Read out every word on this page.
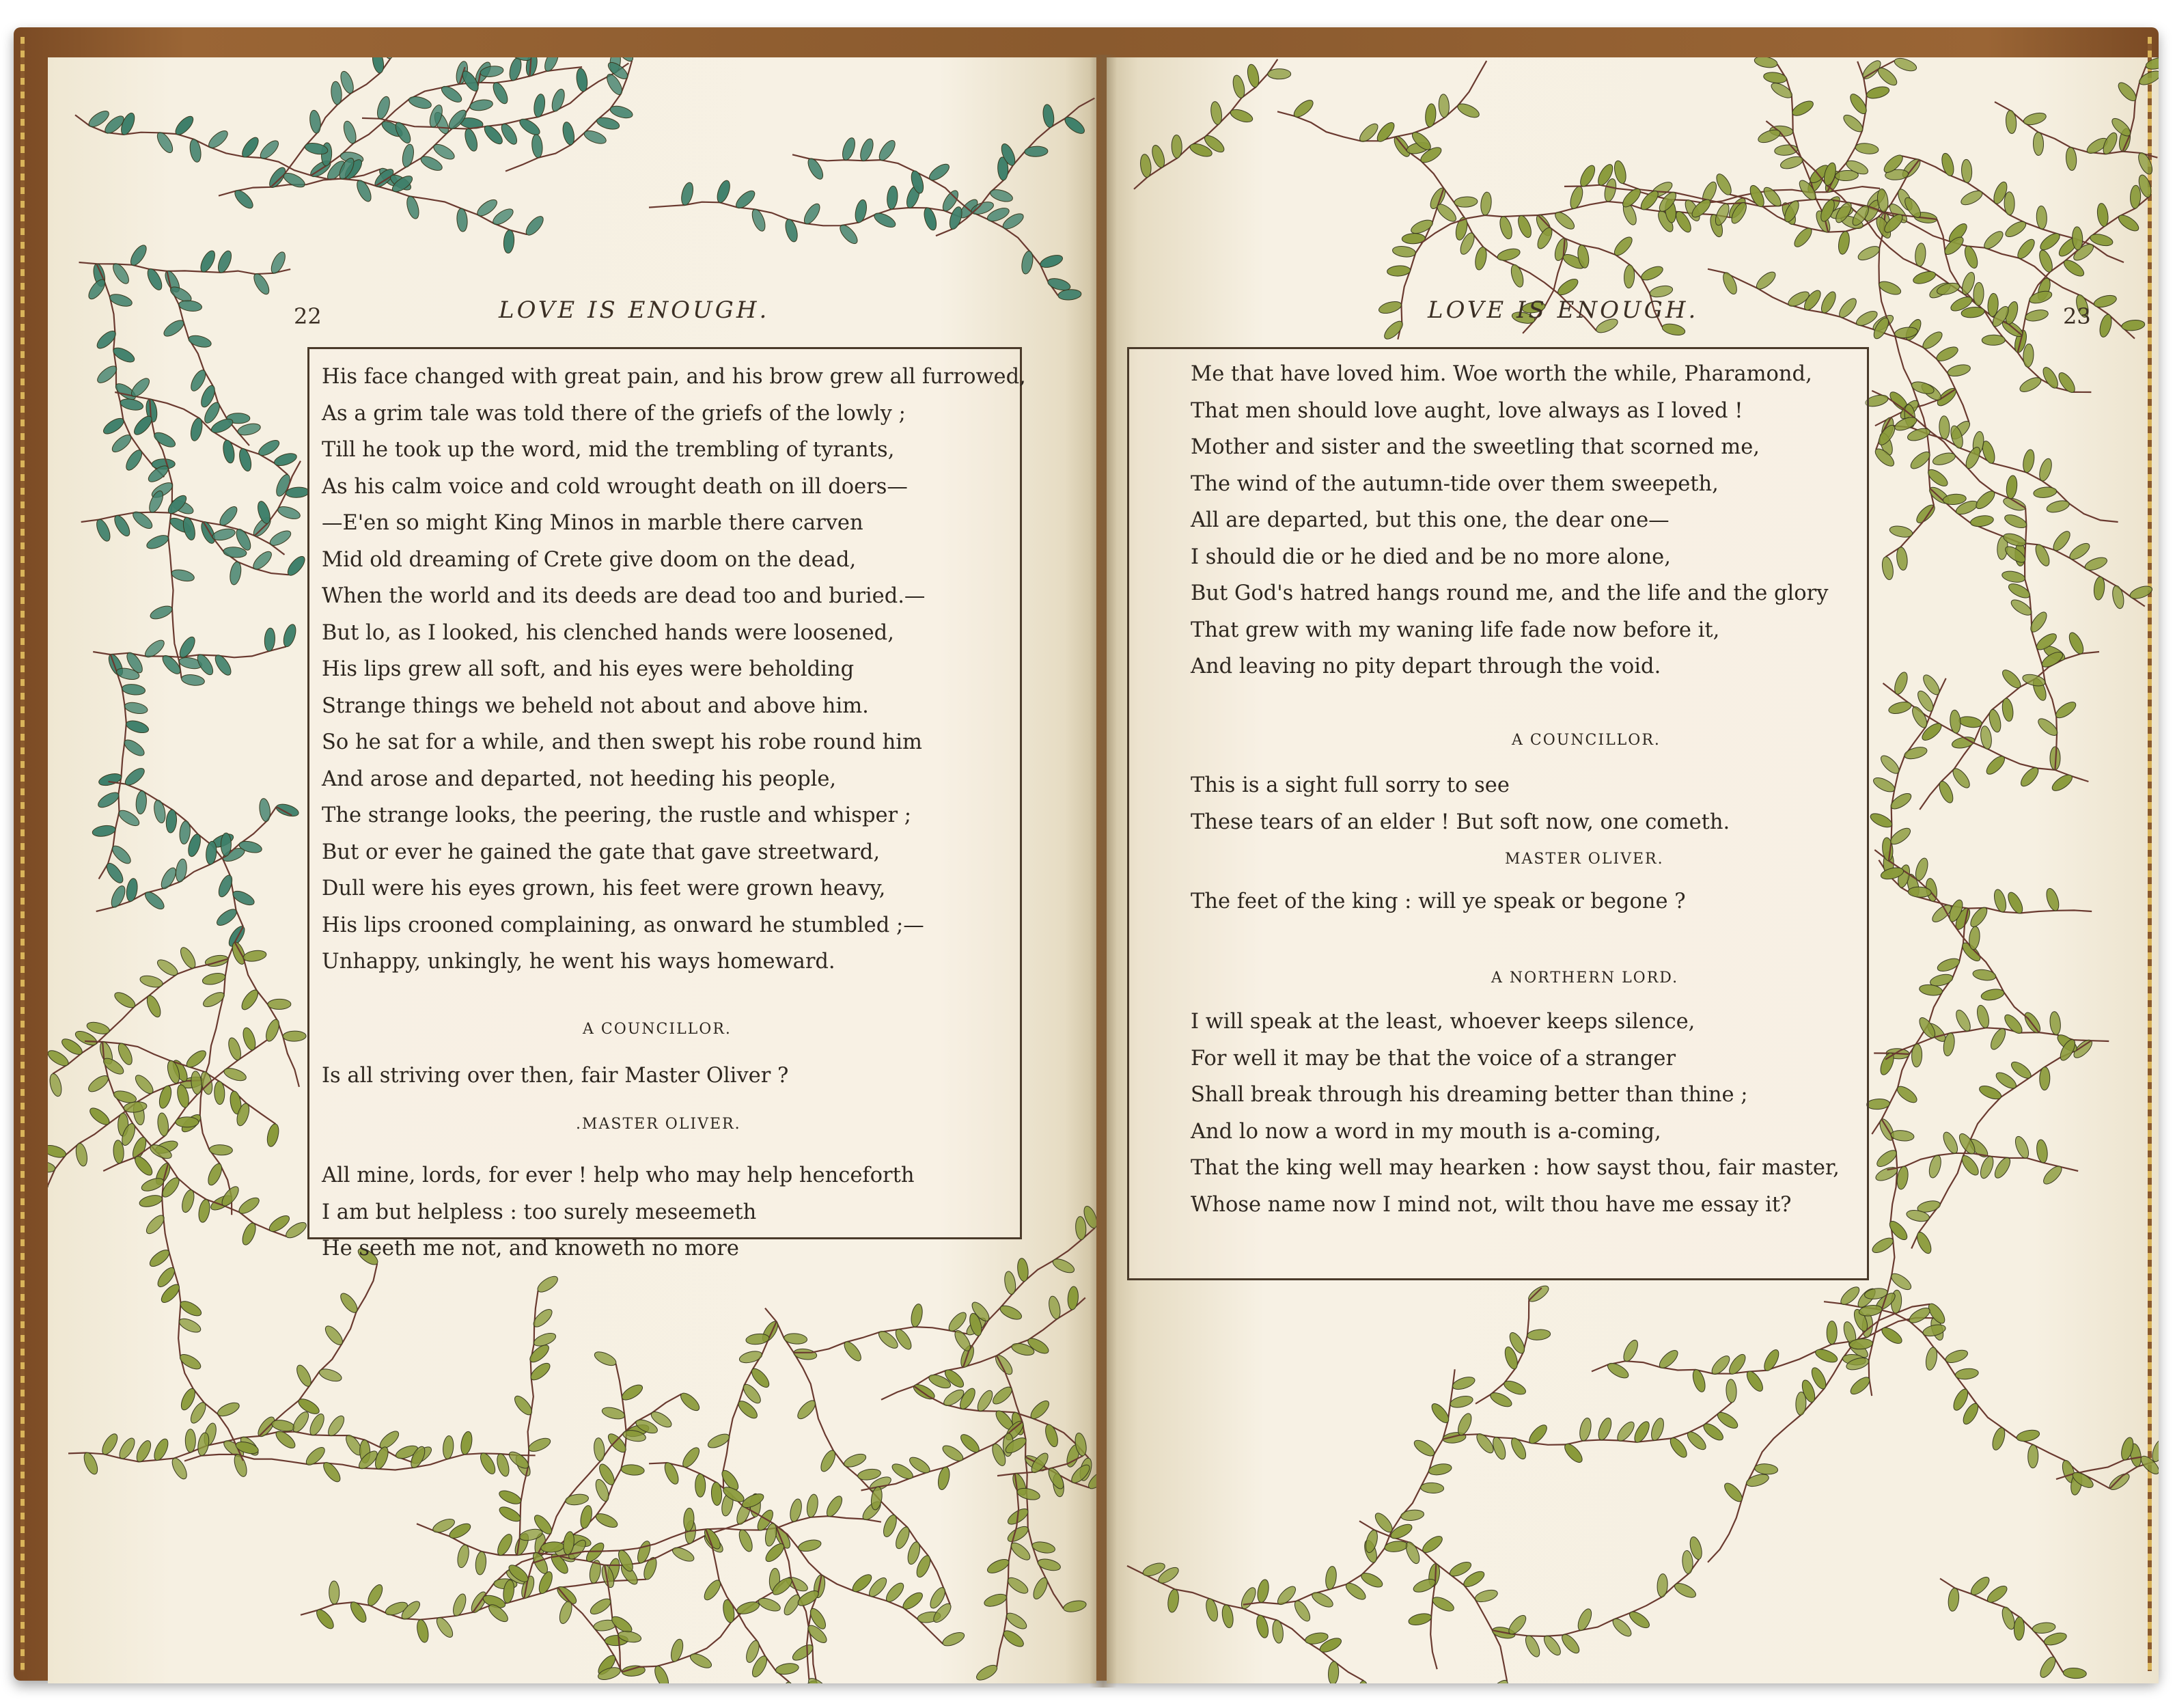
22	LOVE IS ENOUGH.
His face changed with great pain, and his brow grew all furrowed,
As a grim tale was told there of the griefs of the lowly ;
Till he took up the word, mid the trembling of tyrants,
As his calm voice and cold wrought death on ill doers—
—E'en so might King Minos in marble there carven
Mid old dreaming of Crete give doom on the dead,
When the world and its deeds are dead too and buried.—
But lo, as I looked, his clenched hands were loosened,
His lips grew all soft, and his eyes were beholding
Strange things we beheld not about and above him.
So he sat for a while, and then swept his robe round him
And arose and departed, not heeding his people,
The strange looks, the peering, the rustle and whisper ;
But or ever he gained the gate that gave streetward,
Dull were his eyes grown, his feet were grown heavy,
His lips crooned complaining, as onward he stumbled ;—
Unhappy, unkingly, he went his ways homeward.
A COUNCILLOR.
Is all striving over then, fair Master Oliver ?
.MASTER OLIVER.
All mine, lords, for ever ! help who may help henceforth
I am but helpless : too surely meseemeth
He seeth me not, and knoweth no more
23
LOVE IS ENOUGH.
Me that have loved him. Woe worth the while, Pharamond,
That men should love aught, love always as I loved !
Mother and sister and the sweetling that scorned me,
The wind of the autumn-tide over them sweepeth,
All are departed, but this one, the dear one—
I should die or he died and be no more alone,
But God's hatred hangs round me, and the life and the glory
That grew with my waning life fade now before it,
And leaving no pity depart through the void.
A COUNCILLOR.
This is a sight full sorry to see
These tears of an elder ! But soft now, one cometh.
MASTER OLIVER.
The feet of the king : will ye speak or begone ?
A NORTHERN LORD.
I will speak at the least, whoever keeps silence,
For well it may be that the voice of a stranger
Shall break through his dreaming better than thine ;
And lo now a word in my mouth is a-coming,
That the king well may hearken : how sayst thou, fair master,
Whose name now I mind not, wilt thou have me essay it?
